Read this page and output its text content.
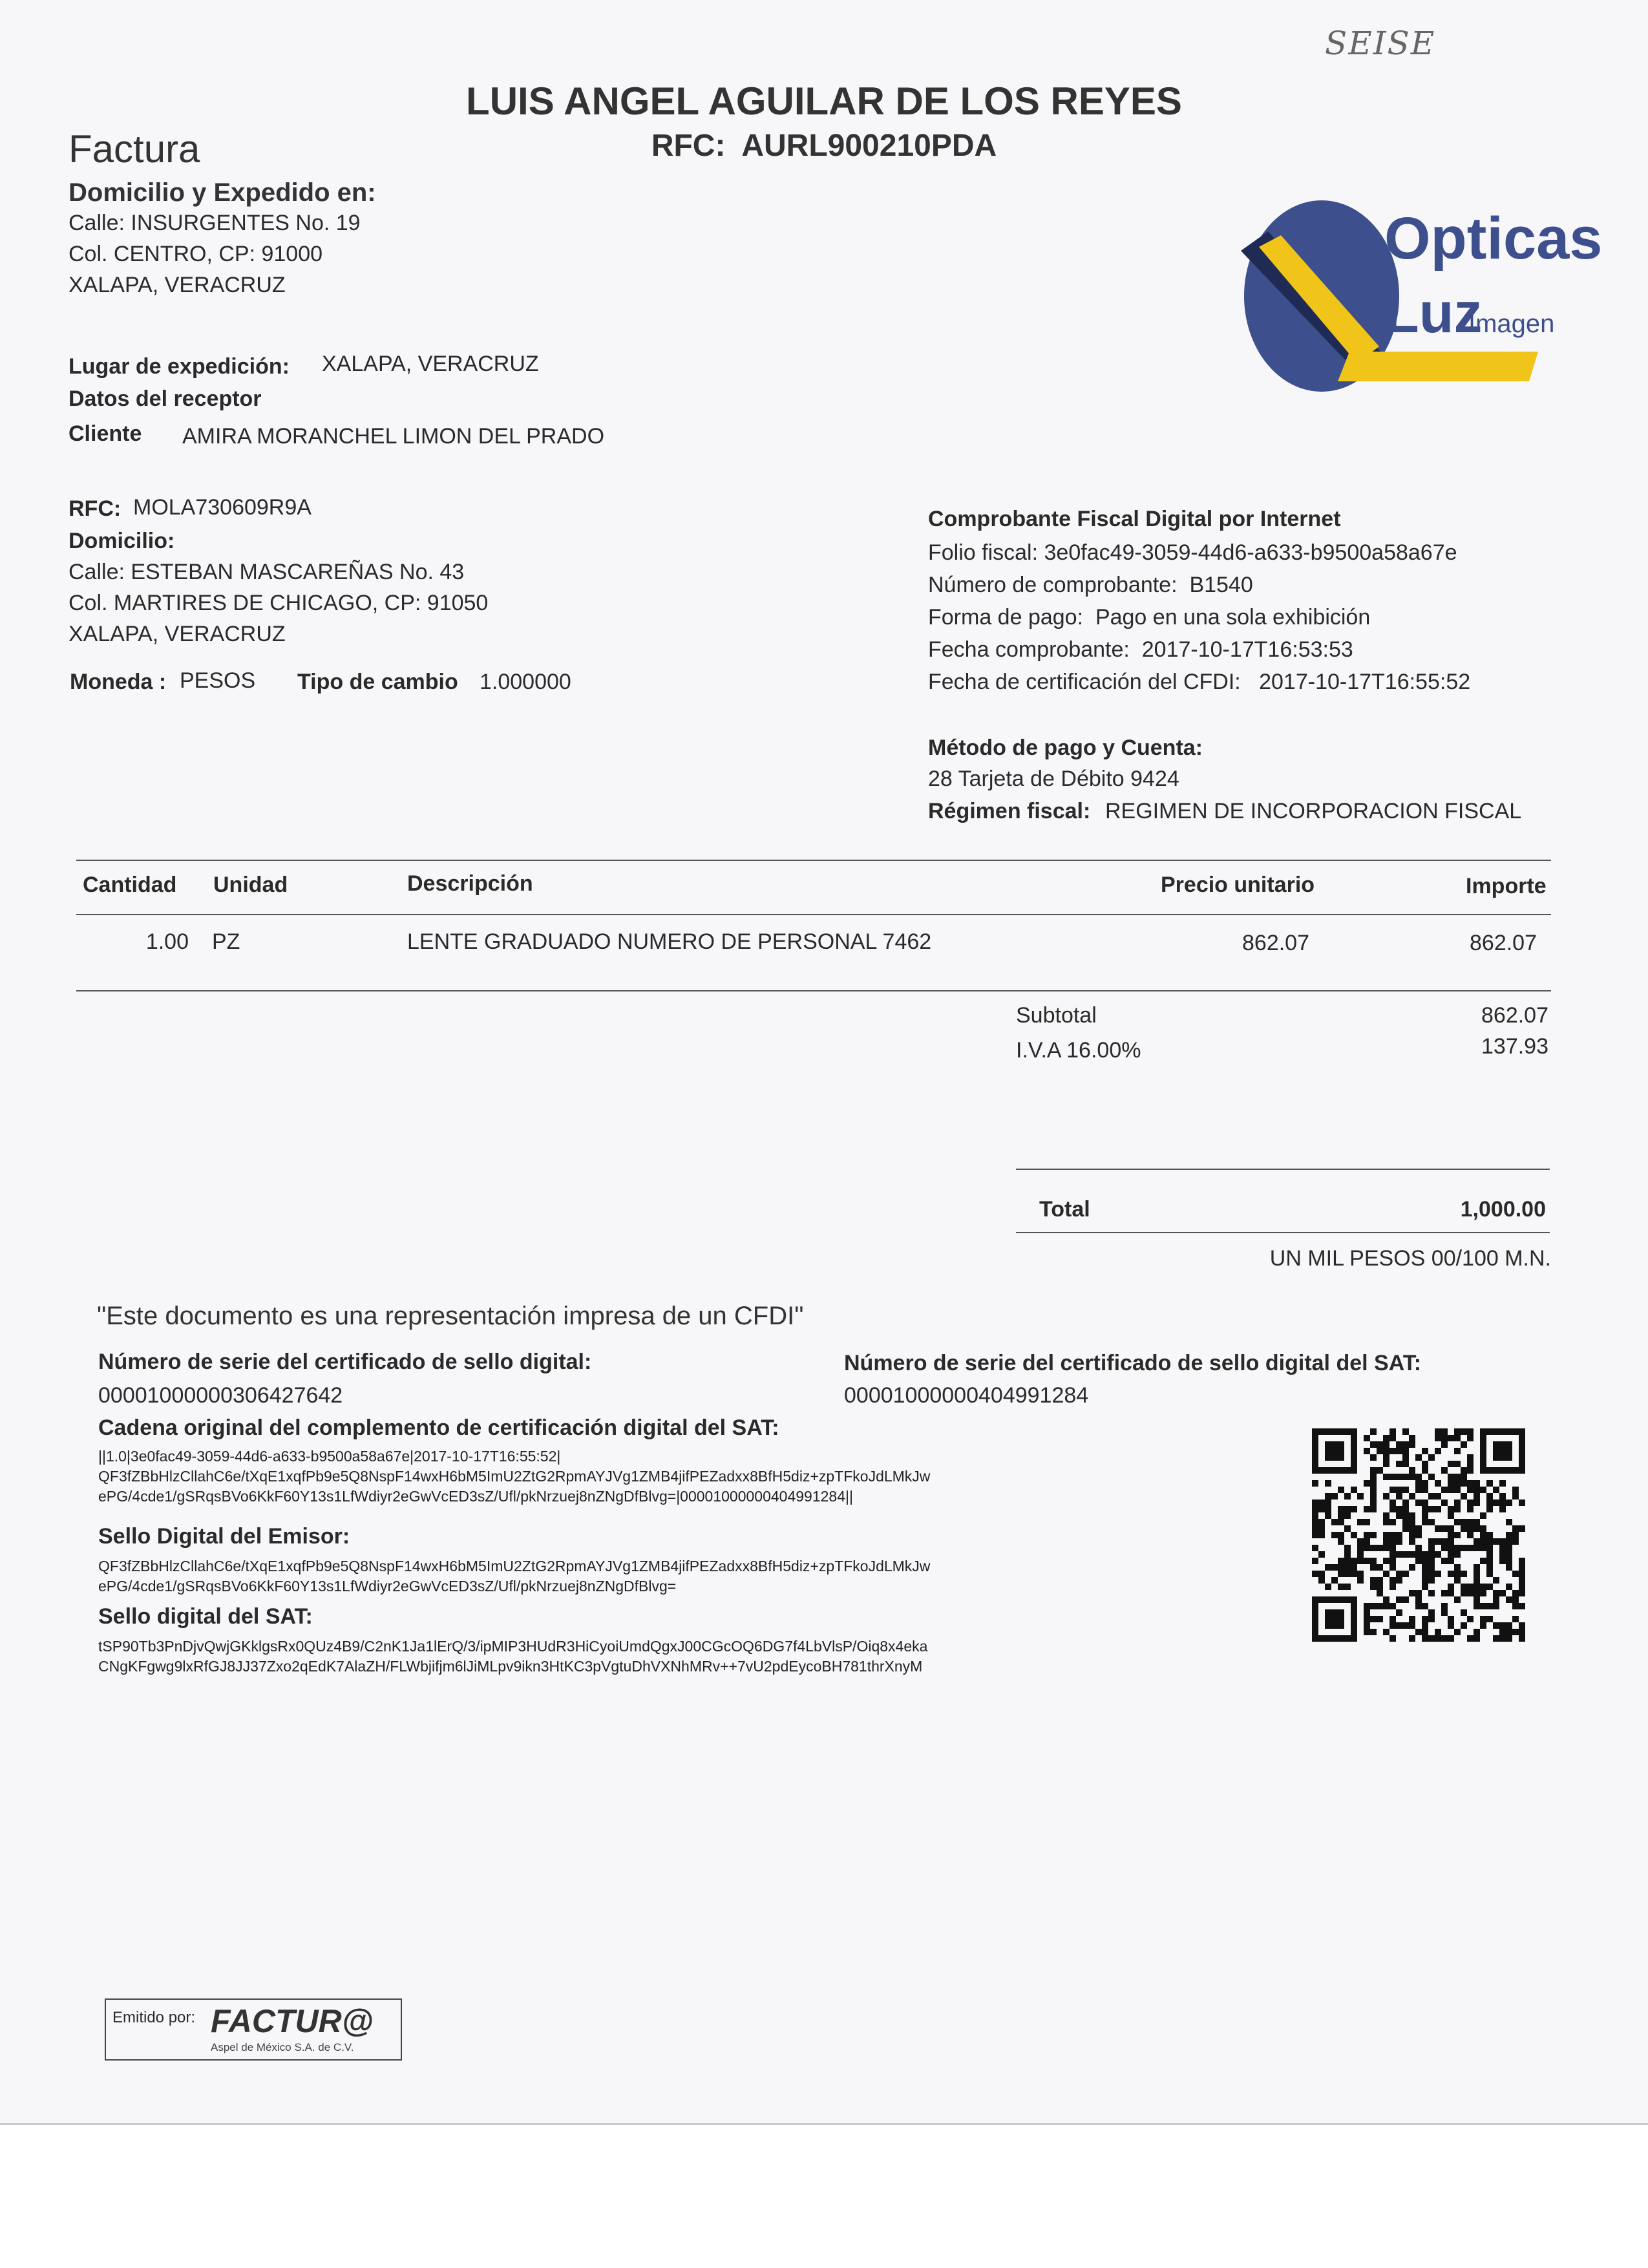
SEISE
LUIS ANGEL AGUILAR DE LOS REYES
RFC: AURL900210PDA
Factura
Domicilio y Expedido en:
Calle: INSURGENTES No. 19
Col. CENTRO, CP: 91000
XALAPA, VERACRUZ
Lugar de expedición: XALAPA, VERACRUZ
Datos del receptor
Cliente AMIRA MORANCHEL LIMON DEL PRADO
RFC: MOLA730609R9A
Domicilio:
Calle: ESTEBAN MASCAREÑAS No. 43
Col. MARTIRES DE CHICAGO, CP: 91050
XALAPA, VERACRUZ
Moneda : PESOS Tipo de cambio 1.000000
Opticas
Luz
Imagen
Comprobante Fiscal Digital por Internet
Folio fiscal: 3e0fac49-3059-44d6-a633-b9500a58a67e
Número de comprobante: B1540
Forma de pago: Pago en una sola exhibición
Fecha comprobante: 2017-10-17T16:53:53
Fecha de certificación del CFDI: 2017-10-17T16:55:52
Método de pago y Cuenta:
28 Tarjeta de Débito 9424
Régimen fiscal: REGIMEN DE INCORPORACION FISCAL
Cantidad Unidad	Descripción	Precio unitario	Importe
1.00 PZ	LENTE GRADUADO NUMERO DE PERSONAL 7462	862.07	862.07
Subtotal	862.07
I.V.A 16.00%	137.93
Total	1,000.00
UN MIL PESOS 00/100 M.N.
"Este documento es una representación impresa de un CFDI"
Número de serie del certificado de sello digital:
00001000000306427642
Número de serie del certificado de sello digital del SAT:
00001000000404991284
Cadena original del complemento de certificación digital del SAT:
||1.0|3e0fac49-3059-44d6-a633-b9500a58a67e|2017-10-17T16:55:52|
QF3fZBbHlzCllahC6e/tXqE1xqfPb9e5Q8NspF14wxH6bM5ImU2ZtG2RpmAYJVg1ZMB4jifPEZadxx8BfH5diz+zpTFkoJdLMkJw
ePG/4cde1/gSRqsBVo6KkF60Y13s1LfWdiyr2eGwVcED3sZ/Ufl/pkNrzuej8nZNgDfBlvg=|00001000000404991284||
Sello Digital del Emisor:
QF3fZBbHlzCllahC6e/tXqE1xqfPb9e5Q8NspF14wxH6bM5ImU2ZtG2RpmAYJVg1ZMB4jifPEZadxx8BfH5diz+zpTFkoJdLMkJw
ePG/4cde1/gSRqsBVo6KkF60Y13s1LfWdiyr2eGwVcED3sZ/Ufl/pkNrzuej8nZNgDfBlvg=
Sello digital del SAT:
tSP90Tb3PnDjvQwjGKklgsRx0QUz4B9/C2nK1Ja1lErQ/3/ipMIP3HUdR3HiCyoiUmdQgxJ00CGcOQ6DG7f4LbVlsP/Oiq8x4eka
CNgKFgwg9lxRfGJ8JJ37Zxo2qEdK7AlaZH/FLWbjifjm6lJiMLpv9ikn3HtKC3pVgtuDhVXNhMRv++7vU2pdEycoBH781thrXnyM
Emitido por: FACTUR@
Aspel de México S.A. de C.V.
